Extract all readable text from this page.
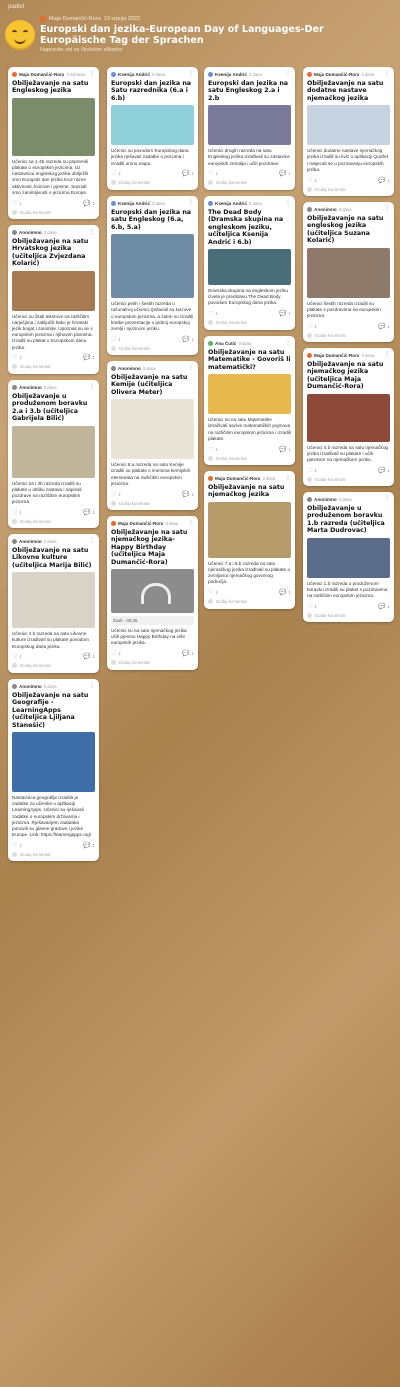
padlet
Maja Dumančić-Rora 13 srpnja 2022.
Europski dan jezika-European Day of Languages-Der Europäische Tag der Sprachen
Napravite zid sa školskim slikama
Maja Dumančić-Rora 3 mjeseca ⋮
Obilježavanje na satu Engleskog jezika
Učenici sa 1-4b razreda su pripremili plakate o europskim jezicima. Uz nastavnicu engleskog jezika obilježili smo Europski dan jezika kroz razne aktivnosti, kvizove i pjesme. Saznali smo zanimljivosti o jezicima Europe.
♡ 1	💬 1
Dodaj komentar
Anonimno 3 dana	⋮
Obilježavanje na satu Hrvatskog jezika (učiteljica Zvjezdana Kolarić)
Učenici su čitali tekstove na različitim narječjima i zaključili kako je hrvatski jezik bogat i zanimljiv. Upoznali su se s europskim jezicima i njihovim pismima. Izradili su plakat o Europskom danu jezika.
♡ 1	💬 1
Dodaj komentar
Anonimno 3 dana	⋮
Obilježavanje u produženom boravku 2.a i 3.b (učiteljica Gabrijela Bilić)
Učenici 2a i 3b razreda izradili su plakate u obliku zastava i napisali pozdrave na različitim europskim jezicima.
♡ 1	💬 1
Dodaj komentar
Anonimno 3 dana	⋮
Obilježavanje na satu Likovne kulture (učiteljica Marija Bilić)
Učenici 4 b razreda na satu Likovne kulture izrađivali su plakate povodom Europskog dana jezika.
♡ 1	💬 1
Dodaj komentar
Anonimno 3 dana	⋮
Obilježavanje na satu Geografije - LearningApps (učiteljica Ljiljana Stanešić)
Nastavnica geografije izradila je zadatke za učenike u aplikaciji LearningApps. Učenici su rješavali zadatke o europskim državama i jezicima. Rješavanjem zadataka ponovili su glavne gradove i jezike Europe. Link: https://learningapps.org/
♡ 1	💬 1
Dodaj komentar
Ksenija Andrić 3 dana	⋮
Europski dan jezika na Satu razrednika (6.a i 6.b)
Učenici su povodom Europskog dana jezika rješavali zadatke o jezicima i izradili umnu mapu.
♡ 1	💬 1
Dodaj komentar
Ksenija Andrić 3 dana	⋮
Europski dan jezika na satu Engleskog (6.a, 6.b, 5.a)
Učenici petih i šestih razreda u računalnoj učionici rješavali su kvizove o europskim jezicima, a zatim su izradili kratke prezentacije o jednoj europskoj zemlji i njezinom jeziku.
♡ 1	💬 1
Dodaj komentar
Anonimno 3 dana	⋮
Obilježavanje na satu Kemije (učiteljica Olivera Meter)
Učenici 8.a razreda na satu Kemije izradili su plakate s imenima kemijskih elemenata na različitim europskim jezicima.
♡ 1	💬 1
Dodaj komentar
Maja Dumančić-Rora 3 dana ⋮
Obilježavanje na satu njemačkog jezika-Happy Birthday (učiteljica Maja Dumančić-Rora)
Zvuk - 00:35
Učenici su na satu njemačkog jezika učili pjesmu Happy Birthday na više europskih jezika.
♡ 1	💬 1
Dodaj komentar
Ksenija Andrić 3 dana	⋮
Europski dan jezika na satu Engleskog 2.a i 2.b
Učenici drugih razreda na satu Engleskog jezika izrađivali su zastavice europskih zemalja i učili pozdrave.
♡ 1	💬 1
Dodaj komentar
Ksenija Andrić 3 dana	⋮
The Dead Body (Dramska skupina na engleskom jeziku, učiteljica Ksenija Andrić i 6.b)
Dramska skupina na engleskom jeziku izvela je predstavu The Dead Body povodom Europskog dana jezika.
♡ 1	💬 1
Dodaj komentar
Ana Čutić 3 dana	⋮
Obilježavanje na satu Matematike - Govoriš li matematički?
Učenici su na satu Matematike istraživali nazive matematičkih pojmova na različitim europskim jezicima i izradili plakate.
♡ 1	💬 1
Dodaj komentar
Maja Dumančić-Rora 3 dana ⋮
Obilježavanje na satu njemačkog jezika
Učenici 7.a i 8.b razreda na satu njemačkog jezika izrađivali su plakate o zemljama njemačkog govornog područja.
♡ 1	💬 1
Dodaj komentar
Maja Dumančić-Rora 3 dana ⋮
Obilježavanje na satu dodatne nastave njemačkog jezika
Učenici dodatne nastave njemačkog jezika izradili su kviz u aplikaciji Quizlet i natjecali se u poznavanju europskih jezika.
♡ 1	💬 1
Dodaj komentar
Anonimno 3 dana	⋮
Obilježavanje na satu engleskog jezika (učiteljica Suzana Kolarić)
Učenici šestih razreda izradili su plakate s pozdravima na europskim jezicima.
♡ 1	💬 1
Dodaj komentar
Maja Dumančić-Rora 3 dana ⋮
Obilježavanje na satu njemačkog jezika (učiteljica Maja Dumančić-Rora)
Učenici 4.b razreda na satu njemačkog jezika izrađivali su plakate i učili pjesmice na njemačkom jeziku.
♡ 1	💬 1
Dodaj komentar
Anonimno 3 dana	⋮
Obilježavanje u produženom boravku 1.b razreda (učiteljica Marta Dudrovac)
Učenici 1.b razreda u produženom boravku izradili su plakat s pozdravima na različitim europskim jezicima.
♡ 1	💬 1
Dodaj komentar
